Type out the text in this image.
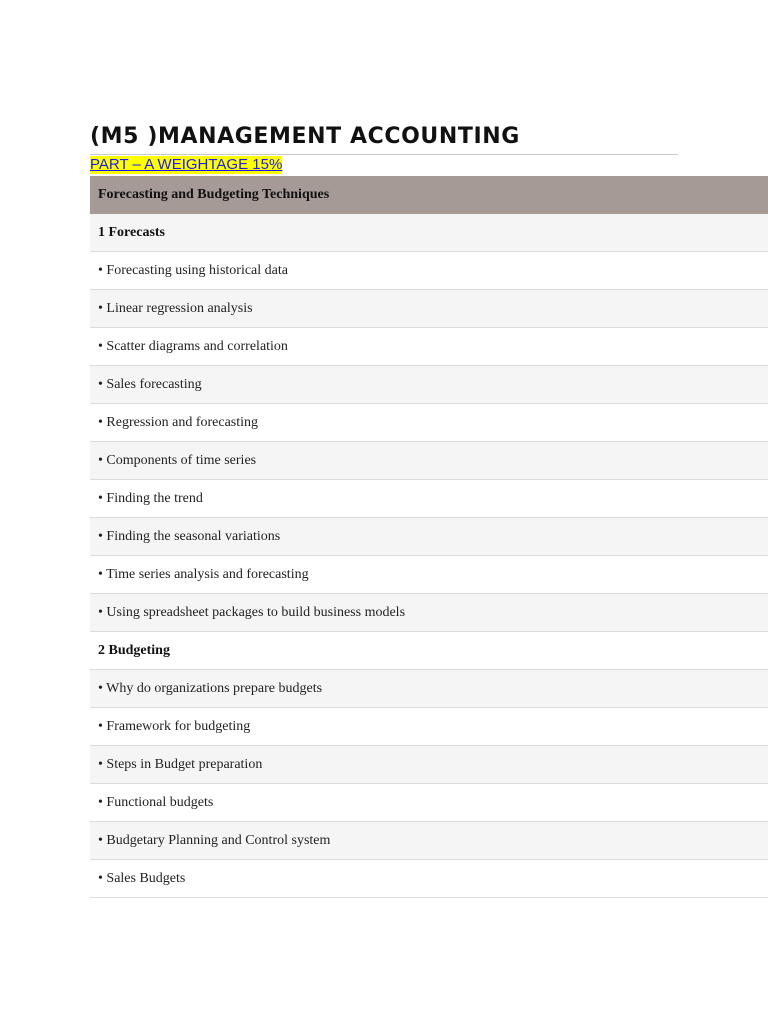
(M5 )MANAGEMENT ACCOUNTING
PART – A WEIGHTAGE 15%
Forecasting and Budgeting Techniques
1 Forecasts
• Forecasting using historical data
• Linear regression analysis
• Scatter diagrams and correlation
• Sales forecasting
• Regression and forecasting
• Components of time series
• Finding the trend
• Finding the seasonal variations
• Time series analysis and forecasting
• Using spreadsheet packages to build business models
2 Budgeting
• Why do organizations prepare budgets
• Framework for budgeting
• Steps in Budget preparation
• Functional budgets
• Budgetary Planning and Control system
• Sales Budgets
